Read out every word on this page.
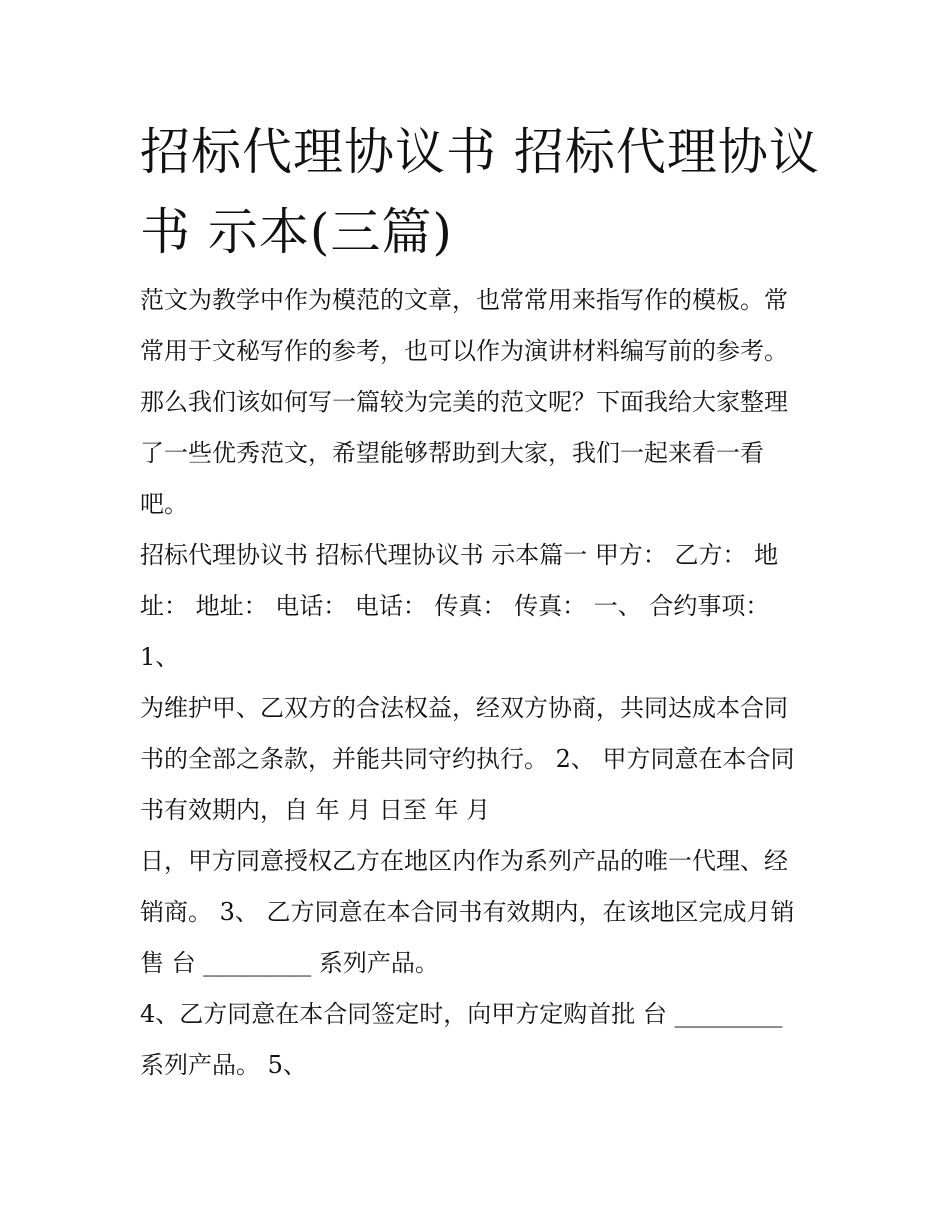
招标代理协议书 招标代理协议
书 示本(三篇)
范文为教学中作为模范的文章，也常常用来指写作的模板。常
常用于文秘写作的参考，也可以作为演讲材料编写前的参考。
那么我们该如何写一篇较为完美的范文呢？下面我给大家整理
了一些优秀范文，希望能够帮助到大家，我们一起来看一看
吧。
招标代理协议书 招标代理协议书 示本篇一 甲方： 乙方： 地
址： 地址： 电话： 电话： 传真： 传真： 一、 合约事项：
1、
为维护甲、乙双方的合法权益，经双方协商，共同达成本合同
书的全部之条款，并能共同守约执行。 2、 甲方同意在本合同
书有效期内，自 年 月 日至 年 月
日，甲方同意授权乙方在地区内作为系列产品的唯一代理、经
销商。 3、 乙方同意在本合同书有效期内，在该地区完成月销
售 台 _________ 系列产品。
4、乙方同意在本合同签定时，向甲方定购首批 台 _________
系列产品。 5、
